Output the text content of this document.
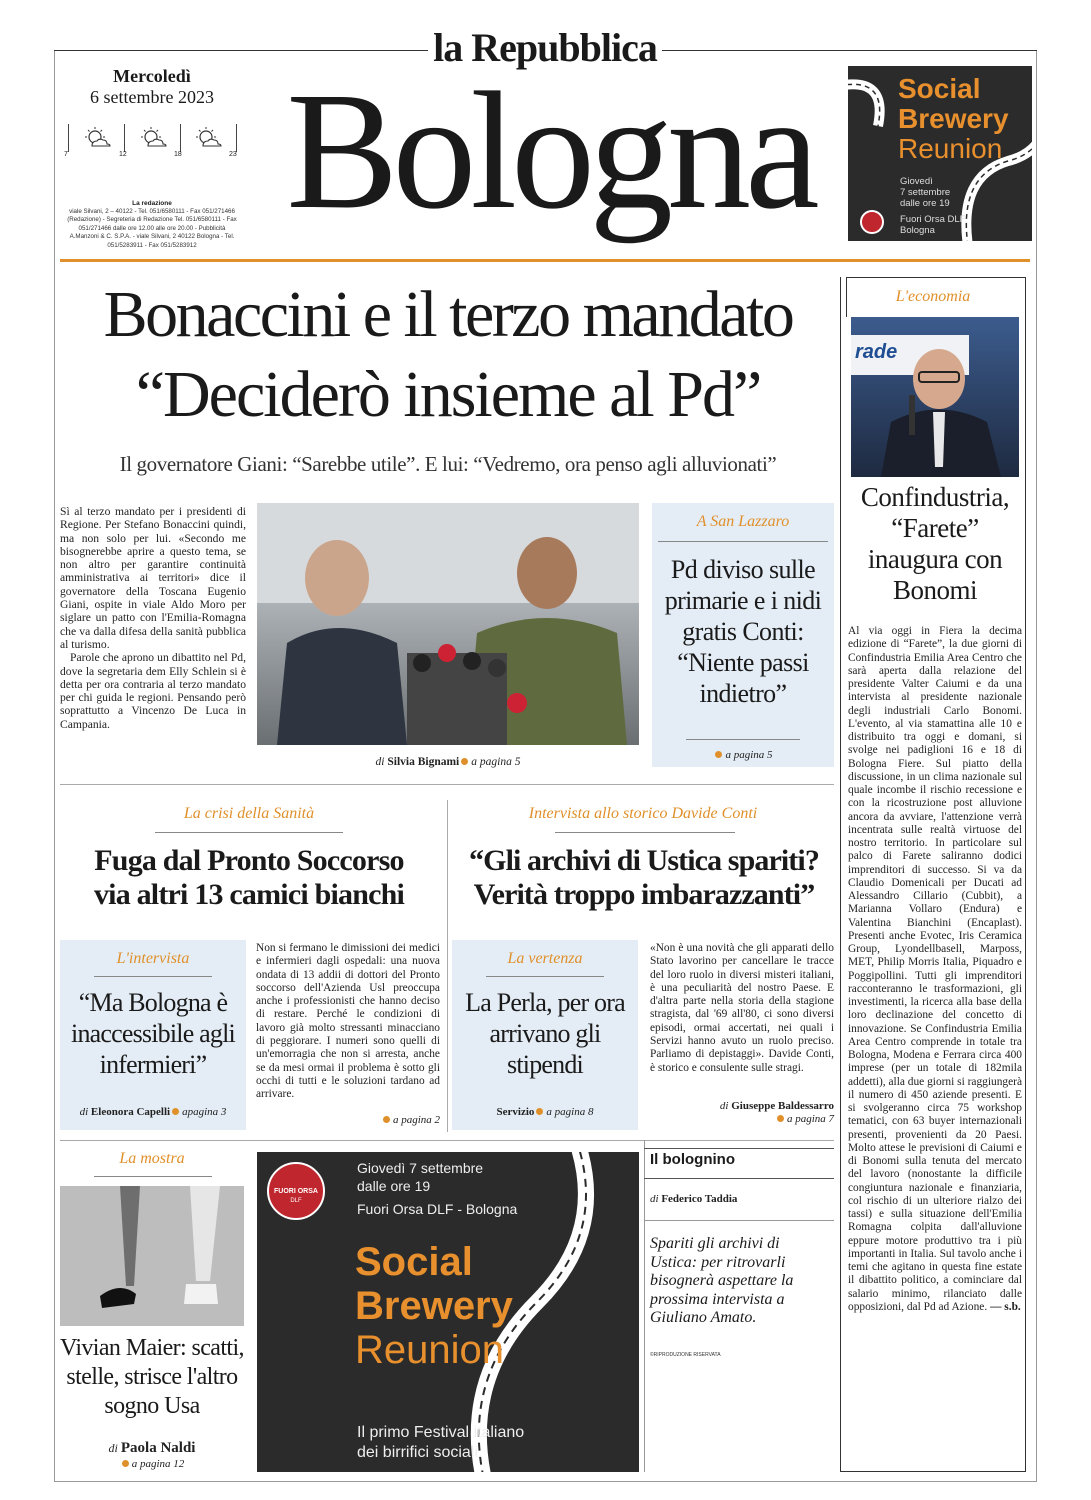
la Repubblica
Mercoledì
6 settembre 2023
7	12	18	23
La redazione
viale Silvani, 2 – 40122 - Tel. 051/6580111 - Fax 051/271466 (Redazione) - Segreteria di Redazione Tel. 051/6580111 - Fax 051/271466 dalle ore 12.00 alle ore 20.00 - Pubblicità A.Manzoni & C. S.P.A. - viale Silvani, 2 40122 Bologna - Tel. 051/5283911 - Fax 051/5283912
Bologna	Social
Brewery
Reunion
Giovedì
7 settembre
dalle ore 19
Fuori Orsa DLF
Bologna
Bonaccini e il terzo mandato
“Deciderò insieme al Pd”
Il governatore Giani: “Sarebbe utile”. E lui: “Vedremo, ora penso agli alluvionati”

Sì al terzo mandato per i presidenti di Regione. Per Stefano Bonaccini quindi, ma non solo per lui. «Secondo me bisognerebbe aprire a questo tema, se non altro per garantire continuità amministrativa ai territori» dice il governatore della Toscana Eugenio Giani, ospite in viale Aldo Moro per siglare un patto con l'Emilia-Romagna che va dalla difesa della sanità pubblica al turismo.

Parole che aprono un dibattito nel Pd, dove la segretaria dem Elly Schlein si è detta per ora contraria al terzo mandato per chi guida le regioni. Pensando però soprattutto a Vincenzo De Luca in Campania.

di Silvia Bignami a pagina 5
A San Lazzaro
Pd diviso sulle primarie e i nidi gratis Conti: “Niente passi indietro”
a pagina 5
L'economia
rade
Confindustria, “Farete” inaugura con Bonomi
Al via oggi in Fiera la decima edizione di “Farete”, la due giorni di Confindustria Emilia Area Centro che sarà aperta dalla relazione del presidente Valter Caiumi e da una intervista al presidente nazionale degli industriali Carlo Bonomi. L'evento, al via stamattina alle 10 e distribuito tra oggi e domani, si svolge nei padiglioni 16 e 18 di Bologna Fiere. Sul piatto della discussione, in un clima nazionale sul quale incombe il rischio recessione e con la ricostruzione post alluvione ancora da avviare, l'attenzione verrà incentrata sulle realtà virtuose del nostro territorio. In particolare sul palco di Farete saliranno dodici imprenditori di successo. Si va da Claudio Domenicali per Ducati ad Alessandro Cillario (Cubbit), a Marianna Vollaro (Endura) e Valentina Bianchini (Encaplast). Presenti anche Evotec, Iris Ceramica Group, Lyondellbasell, Marposs, MET, Philip Morris Italia, Piquadro e Poggipollini. Tutti gli imprenditori racconteranno le trasformazioni, gli investimenti, la ricerca alla base della loro declinazione del concetto di innovazione. Se Confindustria Emilia Area Centro comprende in totale tra Bologna, Modena e Ferrara circa 400 imprese (per un totale di 182mila addetti), alla due giorni si raggiungerà il numero di 450 aziende presenti. E si svolgeranno circa 75 workshop tematici, con 63 buyer internazionali presenti, provenienti da 20 Paesi. Molto attese le previsioni di Caiumi e di Bonomi sulla tenuta del mercato del lavoro (nonostante la difficile congiuntura nazionale e finanziaria, col rischio di un ulteriore rialzo dei tassi) e sulla situazione dell'Emilia Romagna colpita dall'alluvione eppure motore produttivo tra i più importanti in Italia. Sul tavolo anche i temi che agitano in questa fine estate il dibattito politico, a cominciare dal salario minimo, rilanciato dalle opposizioni, dal Pd ad Azione. — s.b.
La crisi della Sanità
Fuga dal Pronto Soccorso
via altri 13 camici bianchi
L'intervista
“Ma Bologna è inaccessibile agli infermieri”
di Eleonora Capelli apagina 3
Non si fermano le dimissioni dei medici e infermieri dagli ospedali: una nuova ondata di 13 addii di dottori del Pronto soccorso dell'Azienda Usl preoccupa anche i professionisti che hanno deciso di restare. Perché le condizioni di lavoro già molto stressanti minacciano di peggiorare. I numeri sono quelli di un'emorragia che non si arresta, anche se da mesi ormai il problema è sotto gli occhi di tutti e le soluzioni tardano ad arrivare.
a pagina 2
Intervista allo storico Davide Conti
“Gli archivi di Ustica spariti?
Verità troppo imbarazzanti”
La vertenza
La Perla, per ora arrivano gli stipendi
Servizio a pagina 8
«Non è una novità che gli apparati dello Stato lavorino per cancellare le tracce del loro ruolo in diversi misteri italiani, è una peculiarità del nostro Paese. E d'altra parte nella storia della stagione stragista, dal '69 all'80, ci sono diversi episodi, ormai accertati, nei quali i Servizi hanno avuto un ruolo preciso. Parliamo di depistaggi». Davide Conti, è storico e consulente sulle stragi.
di Giuseppe Baldessarro
a pagina 7
La mostra
Vivian Maier: scatti, stelle, strisce l'altro sogno Usa
di Paola Naldi
a pagina 12
FUORI ORSA
DLF
Giovedì 7 settembre
dalle ore 19
Fuori Orsa DLF - Bologna
Social
Brewery
Reunion
Il primo Festival italiano
dei birrifici sociali.
Il bolognino
di Federico Taddia
Spariti gli archivi di Ustica: per ritrovarli bisognerà aspettare la prossima intervista a Giuliano Amato.
©RIPRODUZIONE RISERVATA
